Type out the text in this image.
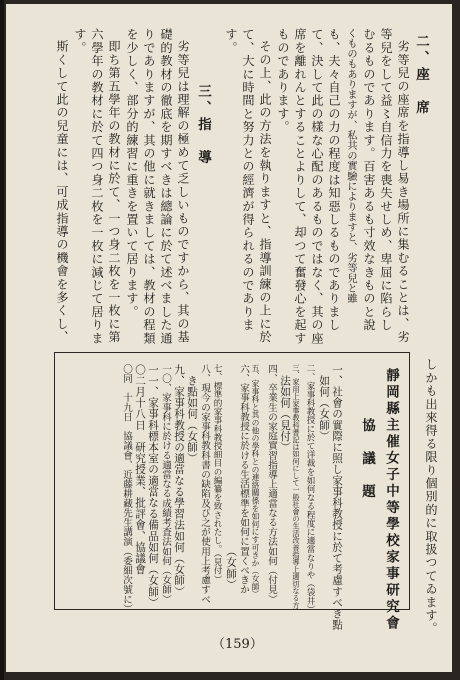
二、座　席
劣等兒の座席を指導し易き場所に集むることは、劣
等兒をして益〻自信力を喪失せしめ、卑屈に陷らし
むるものであります。百害あるも寸效なきものと說
くものもありますが、私共の實驗によりますと、劣等兒と雖
も、夫々自己の力の程度は知惡しるものでありまし
て、決して此の樣な心配のあるものではなく、其の座
席を離れんとすることよりして、却つて奮發心を起す
ものであります。
その上、此の方法を執りますと、指導訓練の上に於
て、大に時間と努力との經濟が得られるのでありま
す。
三、指　導
劣等兒は理解の極めて乏しいものですから、其の基
礎的教材の徹底を期すべきは總論に於て述べました通
りでありますが、其の他に就きましては、教材の程類
を少しく、部分的練習に重きを置いて居ります。
即ち第五學年の教材に於て、一つ身二枚を一枚に第
六學年の教材に於て四つ身二枚を一枚に減じて居りま
す。
斯くして此の兒童には、可成指導の機會を多くし、
しかも出來得る限り個別的に取扱つてゐます。
靜岡縣主催女子中等學校家事研究會
協　議　題
一、社會の實際に照し家事科教授に於て考慮すべき點
　如何（女師）
二、家事科教授に於て洋裁を如何なる程度に適當なりや（袋井）
三、家用上家事教科書記は如何にして一般社會の生活改善指導上適切なる方
　法如何（見付）
四、卒業生の家庭實習指導上適當なる方法如何（付見）
五、家事科と其の他の學科との連絡關係を如何にす可きか（女師）
六、家事科教授に於ける生活標準を如何に置くべきか
　（女師）
七、標準的家事科教授細目の編纂を致されたし。（見付）
八、現今の家事科教科書の缺陷及び之が使用上考慮すべ
　き點如何（女師）
九、家事科教授の適當なる學習法如何（女師）
一〇、家事科に於ける適當なる成績考査法如何（女師）
一一、家事科標本室の適當なる備品如何（女師）
〇二月十八日　研究授業、批評會、協議會
〇同　十九日　協議會、近藤耕藏先生講演（委細次號に）
（159）
